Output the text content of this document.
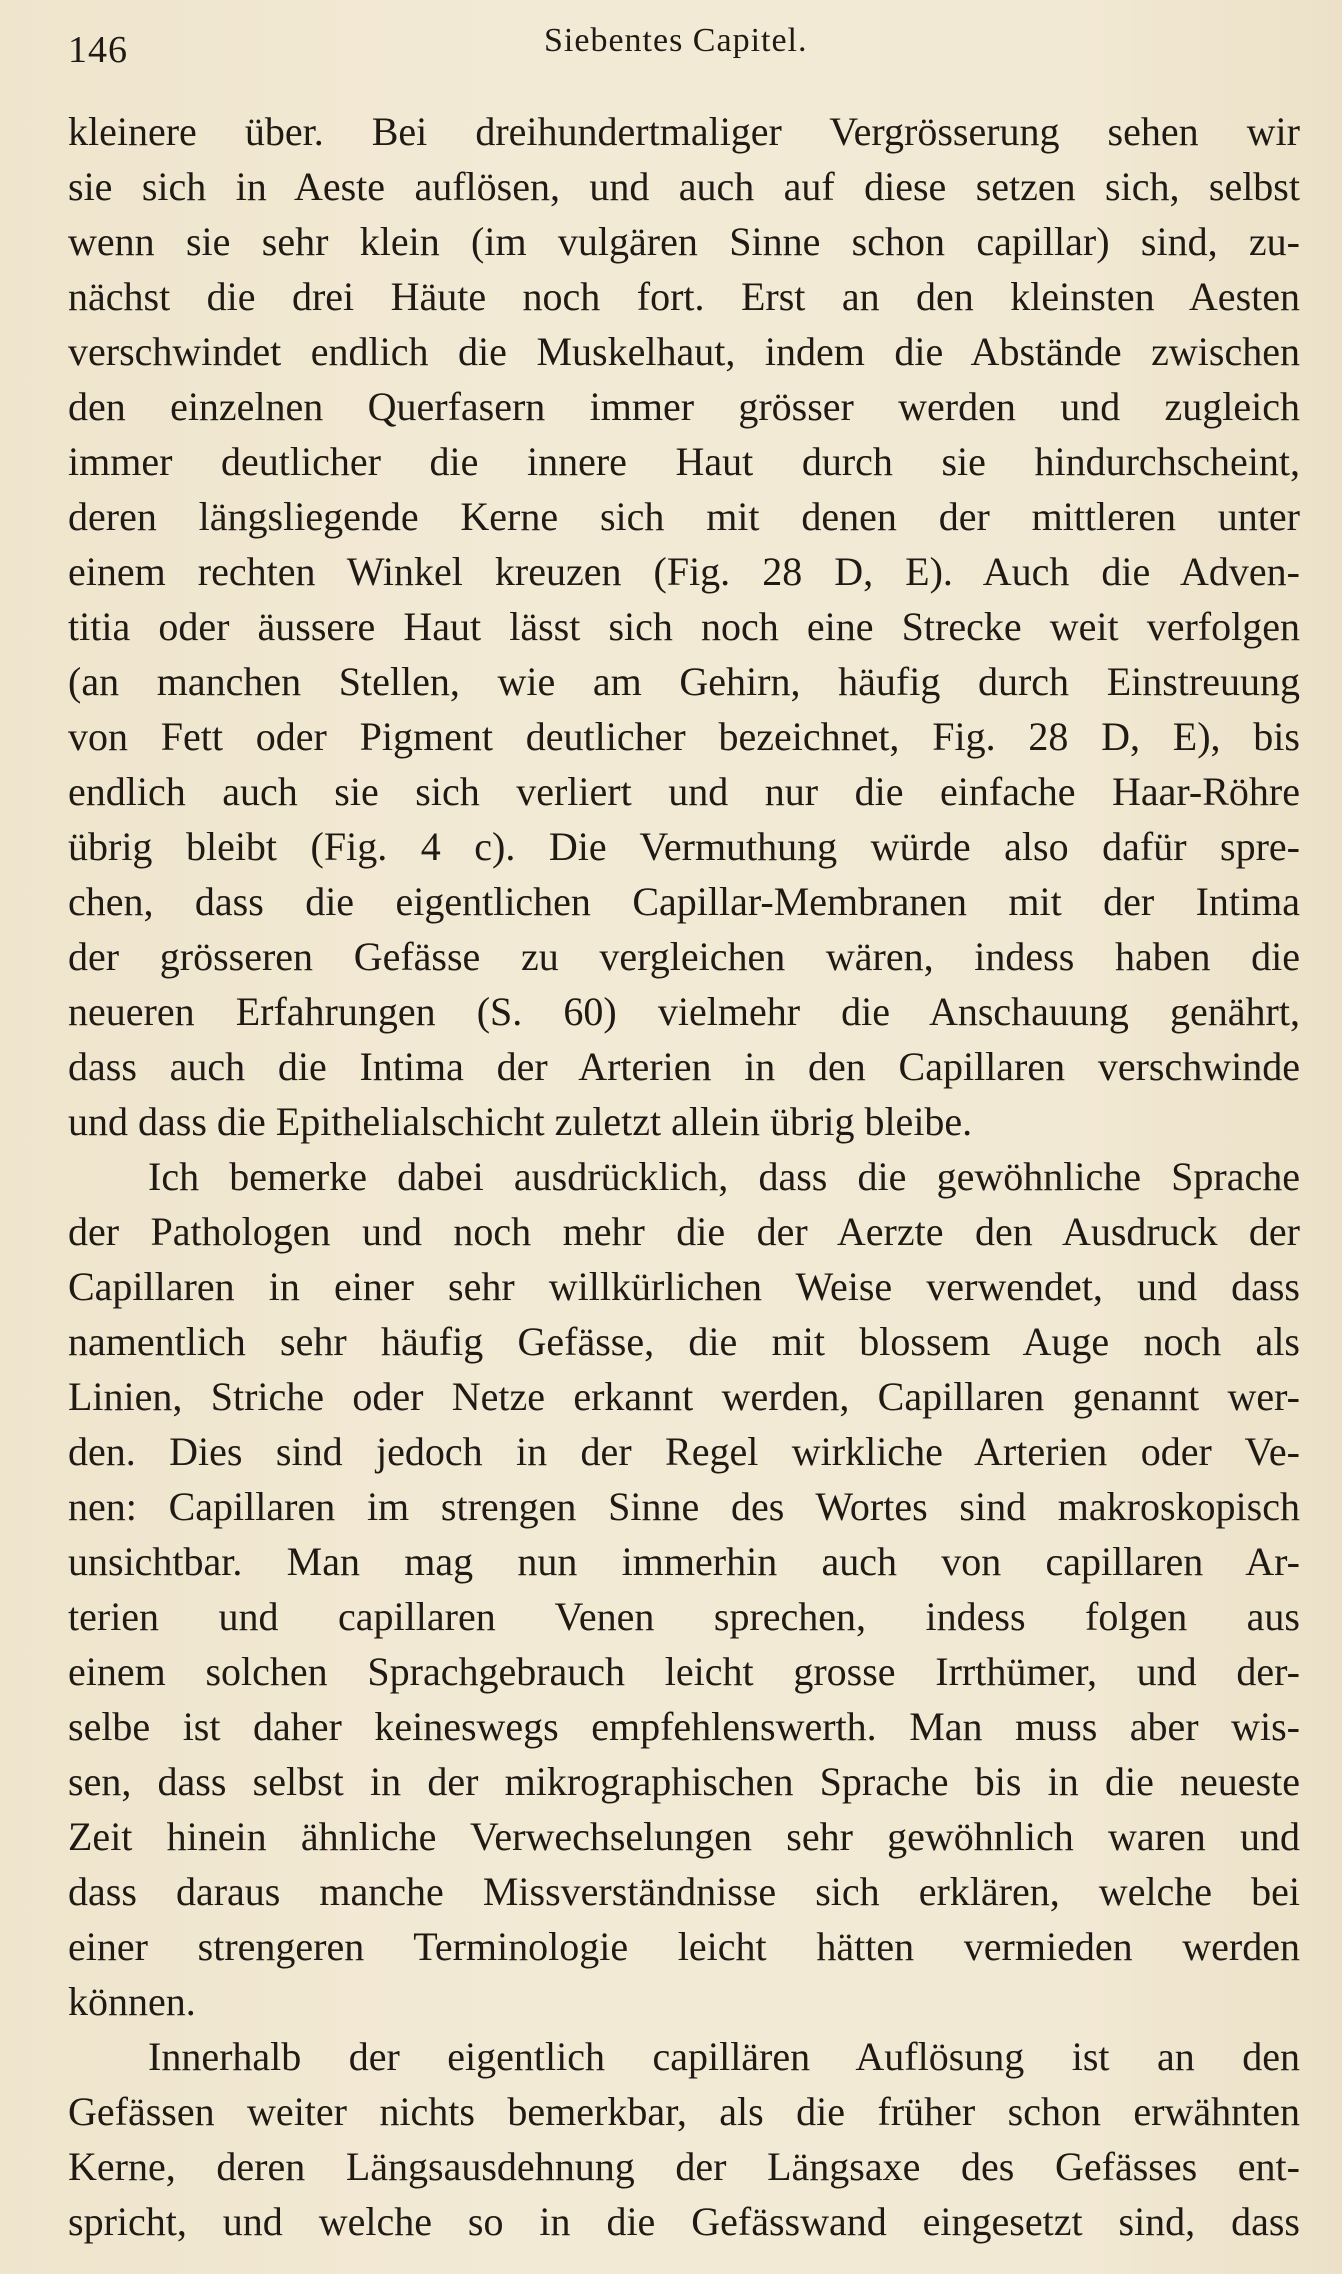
146	Siebentes Capitel.
kleinere über. Bei dreihundertmaliger Vergrösserung sehen wir
sie sich in Aeste auflösen, und auch auf diese setzen sich, selbst
wenn sie sehr klein (im vulgären Sinne schon capillar) sind, zu-
nächst die drei Häute noch fort. Erst an den kleinsten Aesten
verschwindet endlich die Muskelhaut, indem die Abstände zwischen
den einzelnen Querfasern immer grösser werden und zugleich
immer deutlicher die innere Haut durch sie hindurchscheint,
deren längsliegende Kerne sich mit denen der mittleren unter
einem rechten Winkel kreuzen (Fig. 28 D, E). Auch die Adven-
titia oder äussere Haut lässt sich noch eine Strecke weit verfolgen
(an manchen Stellen, wie am Gehirn, häufig durch Einstreuung
von Fett oder Pigment deutlicher bezeichnet, Fig. 28 D, E), bis
endlich auch sie sich verliert und nur die einfache Haar-Röhre
übrig bleibt (Fig. 4 c). Die Vermuthung würde also dafür spre-
chen, dass die eigentlichen Capillar-Membranen mit der Intima
der grösseren Gefässe zu vergleichen wären, indess haben die
neueren Erfahrungen (S. 60) vielmehr die Anschauung genährt,
dass auch die Intima der Arterien in den Capillaren verschwinde
und dass die Epithelialschicht zuletzt allein übrig bleibe.
Ich bemerke dabei ausdrücklich, dass die gewöhnliche Sprache
der Pathologen und noch mehr die der Aerzte den Ausdruck der
Capillaren in einer sehr willkürlichen Weise verwendet, und dass
namentlich sehr häufig Gefässe, die mit blossem Auge noch als
Linien, Striche oder Netze erkannt werden, Capillaren genannt wer-
den. Dies sind jedoch in der Regel wirkliche Arterien oder Ve-
nen: Capillaren im strengen Sinne des Wortes sind makroskopisch
unsichtbar. Man mag nun immerhin auch von capillaren Ar-
terien und capillaren Venen sprechen, indess folgen aus
einem solchen Sprachgebrauch leicht grosse Irrthümer, und der-
selbe ist daher keineswegs empfehlenswerth. Man muss aber wis-
sen, dass selbst in der mikrographischen Sprache bis in die neueste
Zeit hinein ähnliche Verwechselungen sehr gewöhnlich waren und
dass daraus manche Missverständnisse sich erklären, welche bei
einer strengeren Terminologie leicht hätten vermieden werden
können.
Innerhalb der eigentlich capillären Auflösung ist an den
Gefässen weiter nichts bemerkbar, als die früher schon erwähnten
Kerne, deren Längsausdehnung der Längsaxe des Gefässes ent-
spricht, und welche so in die Gefässwand eingesetzt sind, dass
